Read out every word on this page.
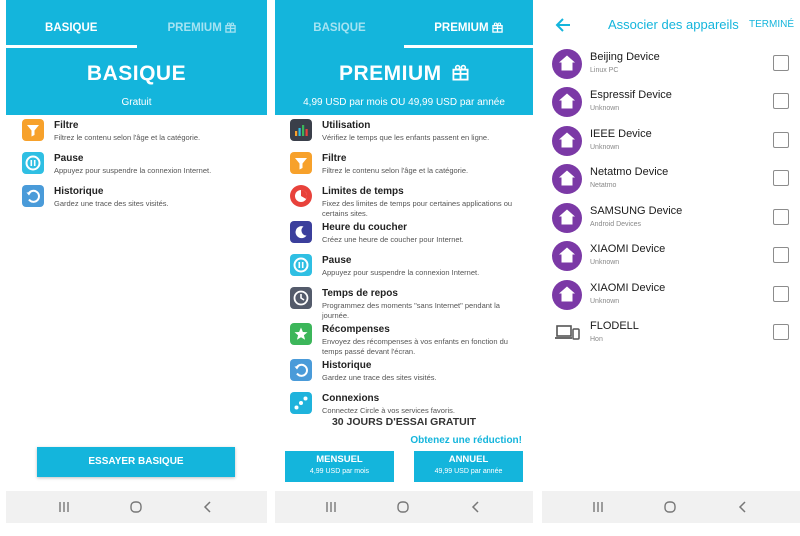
BASIQUE	PREMIUM
BASIQUE
Gratuit
Filtre
Filtrez le contenu selon l'âge et la catégorie.
Pause
Appuyez pour suspendre la connexion Internet.
Historique
Gardez une trace des sites visités.
ESSAYER BASIQUE
BASIQUE	PREMIUM
PREMIUM
4,99 USD par mois OU 49,99 USD par année
Utilisation
Vérifiez le temps que les enfants passent en ligne.
Filtre
Filtrez le contenu selon l'âge et la catégorie.
Limites de temps
Fixez des limites de temps pour certaines applications ou certains sites.
Heure du coucher
Créez une heure de coucher pour Internet.
Pause
Appuyez pour suspendre la connexion Internet.
Temps de repos
Programmez des moments "sans Internet" pendant la journée.
Récompenses
Envoyez des récompenses à vos enfants en fonction du temps passé devant l'écran.
Historique
Gardez une trace des sites visités.
Connexions
Connectez Circle à vos services favoris.
30 JOURS D'ESSAI GRATUIT
Obtenez une réduction!
MENSUEL
4,99 USD par mois
ANNUEL
49,99 USD par année
Associer des appareils TERMINÉ
Beijing Device
Linux PC
Espressif Device
Unknown
IEEE Device
Unknown
Netatmo Device
Netatmo
SAMSUNG Device
Android Devices
XIAOMI Device
Unknown
XIAOMI Device
Unknown
FLODELL
Hon
